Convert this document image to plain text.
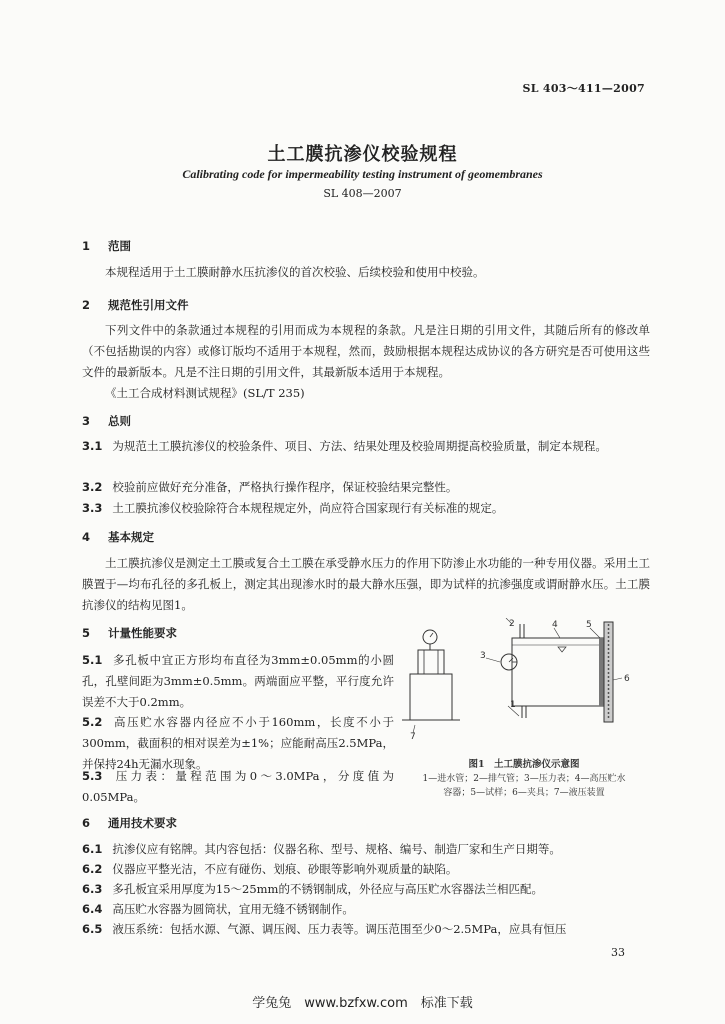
SL 403～411—2007
土工膜抗渗仪校验规程
Calibrating code for impermeability testing instrument of geomembranes
SL 408—2007
1 范围
本规程适用于土工膜耐静水压抗渗仪的首次校验、后续校验和使用中校验。
2 规范性引用文件
下列文件中的条款通过本规程的引用而成为本规程的条款。凡是注日期的引用文件，其随后所有的修改单（不包括勘误的内容）或修订版均不适用于本规程，然而，鼓励根据本规程达成协议的各方研究是否可使用这些文件的最新版本。凡是不注日期的引用文件，其最新版本适用于本规程。
《土工合成材料测试规程》(SL/T 235)
3 总则
3.1 为规范土工膜抗渗仪的校验条件、项目、方法、结果处理及校验周期提高校验质量，制定本规程。
3.2 校验前应做好充分准备，严格执行操作程序，保证校验结果完整性。
3.3 土工膜抗渗仪校验除符合本规程规定外，尚应符合国家现行有关标准的规定。
4 基本规定
土工膜抗渗仪是测定土工膜或复合土工膜在承受静水压力的作用下防渗止水功能的一种专用仪器。采用土工膜置于—均布孔径的多孔板上，测定其出现渗水时的最大静水压强，即为试样的抗渗强度或谓耐静水压。土工膜抗渗仪的结构见图1。
5 计量性能要求
5.1 多孔板中宜正方形均布直径为3mm±0.05mm的小圆孔，孔壁间距为3mm±0.5mm。两端面应平整，平行度允许误差不大于0.2mm。
5.2 高压贮水容器内径应不小于160mm，长度不小于300mm，截面积的相对误差为±1%；应能耐高压2.5MPa，并保持24h无漏水现象。
5.3 压力表：量程范围为0～3.0MPa，分度值为0.05MPa。
7
1
2
3
4	5
6
图1　土工膜抗渗仪示意图
1—进水管；2—排气管；3—压力表；4—高压贮水
容器；5—试样；6—夹具；7—液压装置
6 通用技术要求
6.1 抗渗仪应有铭牌。其内容包括：仪器名称、型号、规格、编号、制造厂家和生产日期等。
6.2 仪器应平整光洁，不应有碰伤、划痕、砂眼等影响外观质量的缺陷。
6.3 多孔板宜采用厚度为15～25mm的不锈钢制成，外径应与高压贮水容器法兰相匹配。
6.4 高压贮水容器为圆筒状，宜用无缝不锈钢制作。
6.5 液压系统：包括水源、气源、调压阀、压力表等。调压范围至少0～2.5MPa，应具有恒压
33
学兔兔　www.bzfxw.com　标准下载
